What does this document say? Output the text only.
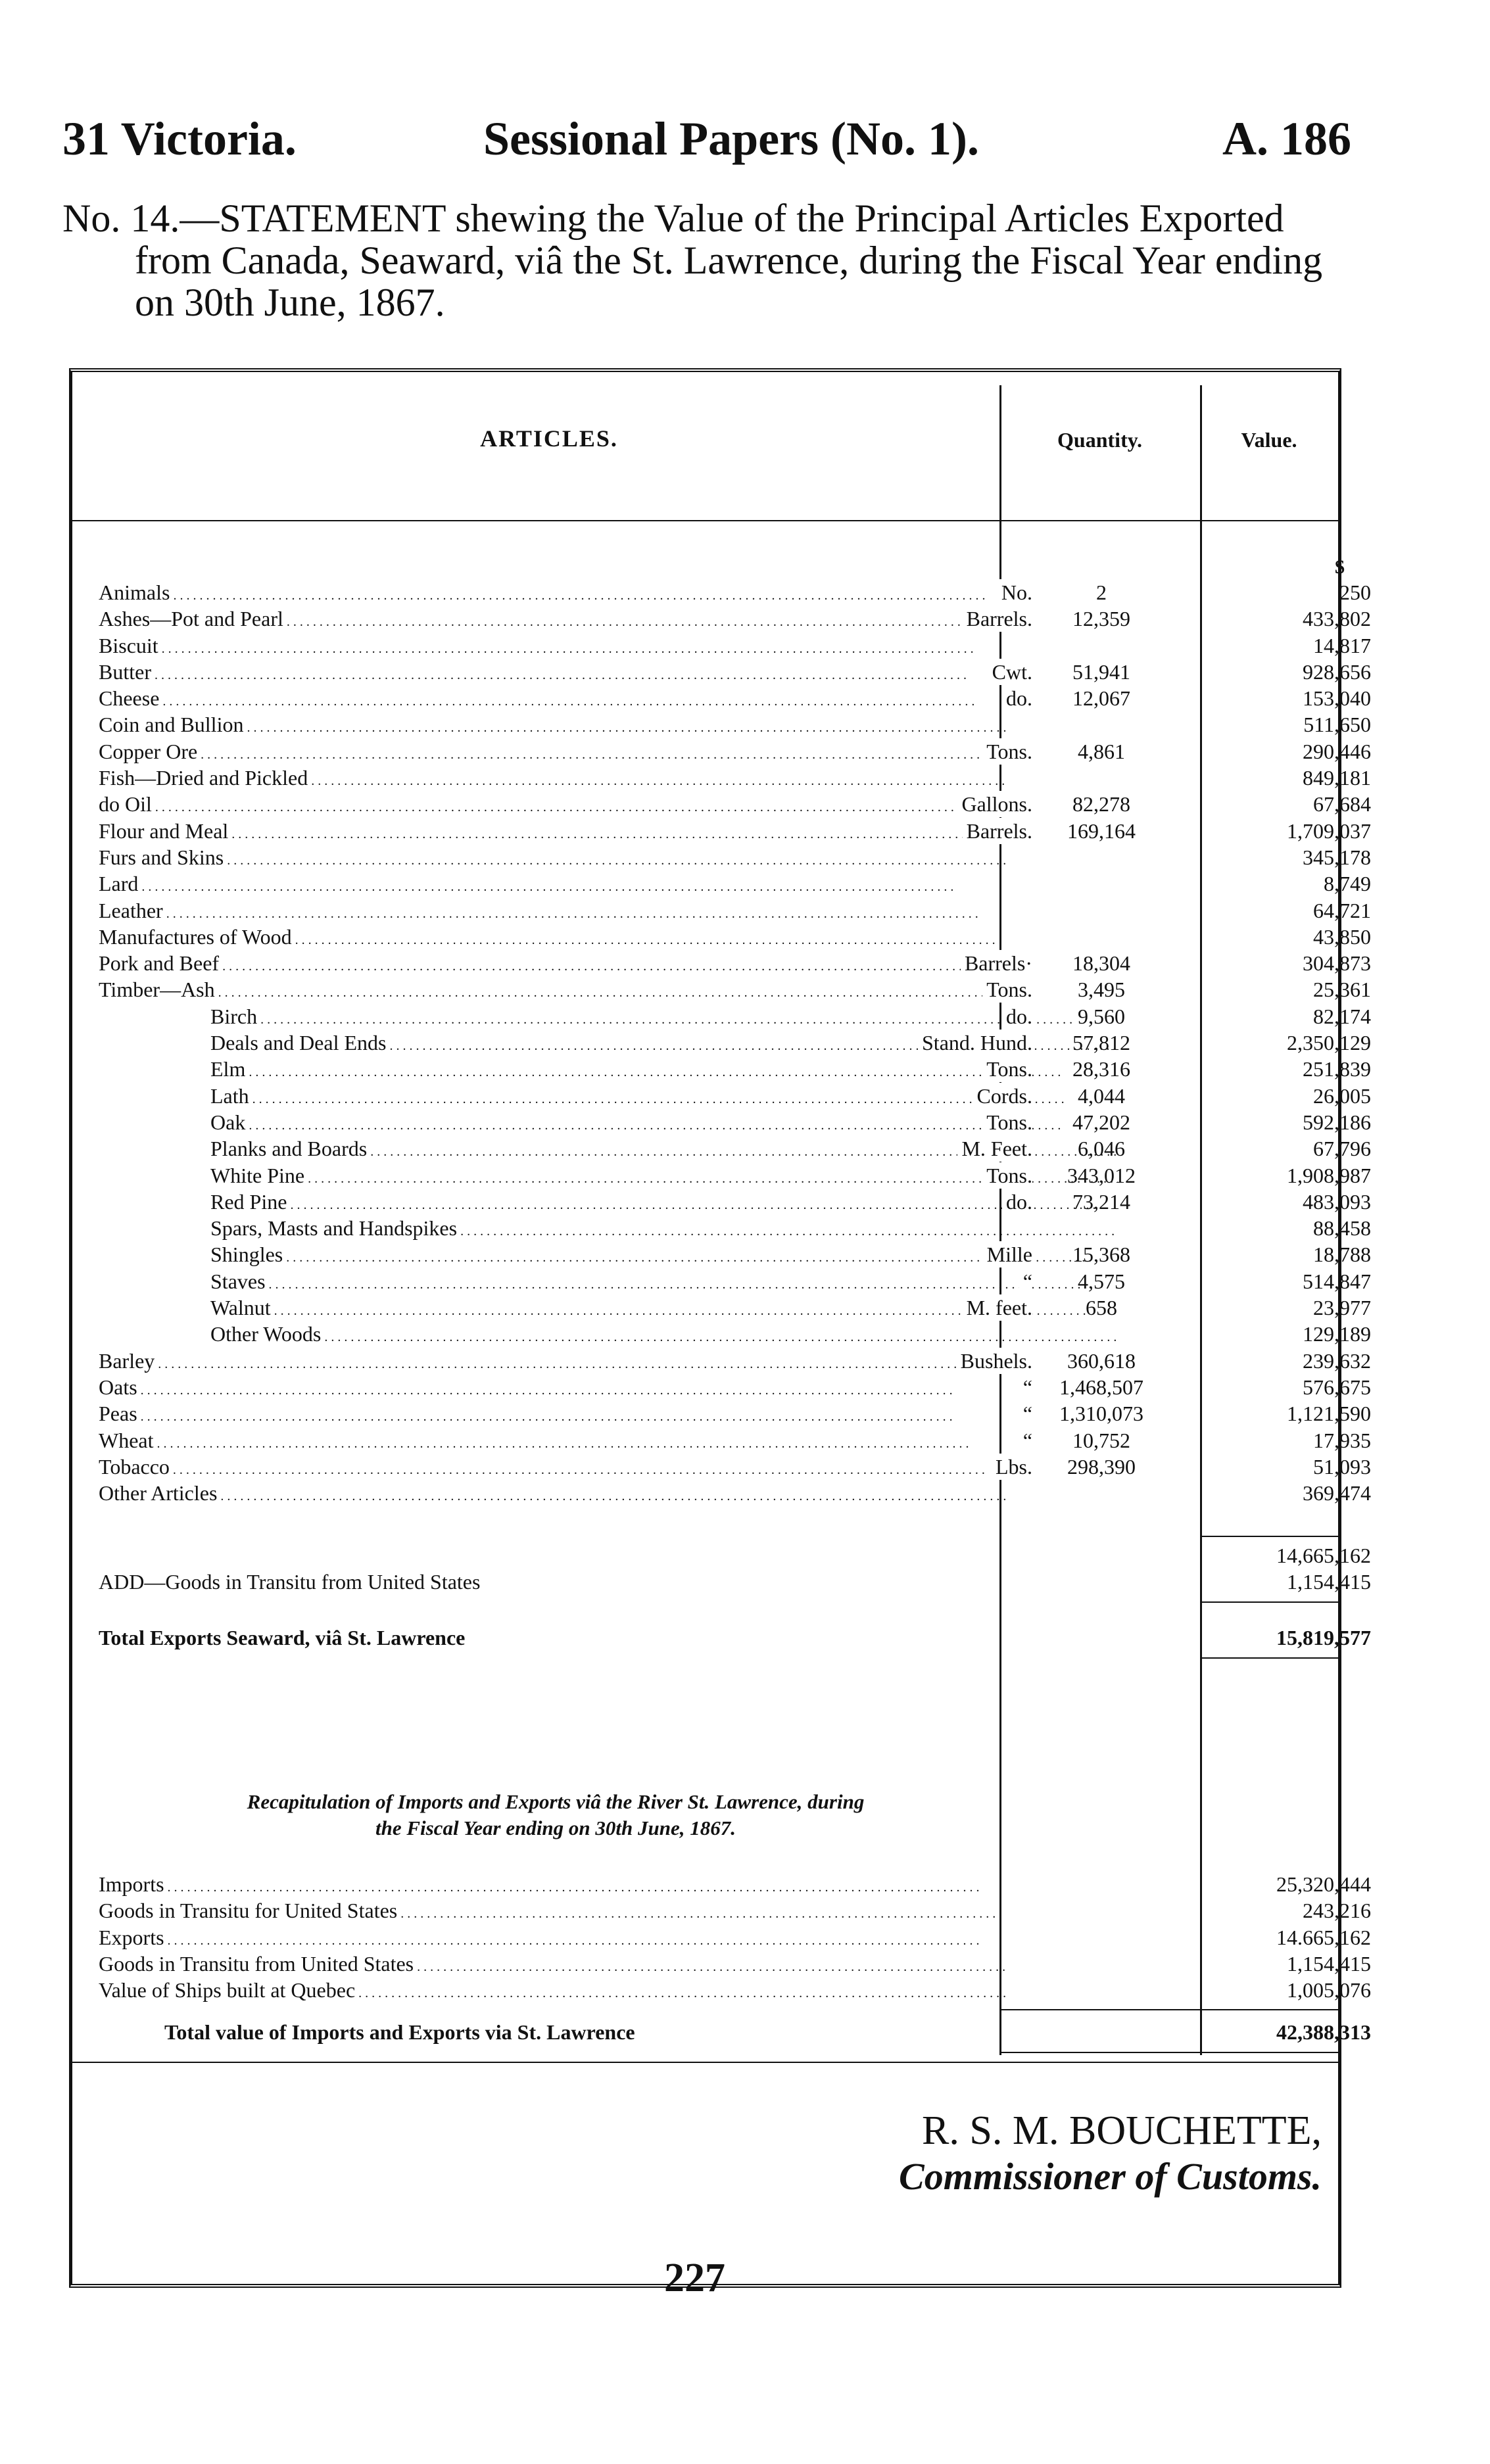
31 Victoria.	Sessional Papers (No. 1).	A. 186
No. 14.—STATEMENT shewing the Value of the Principal Articles Exported
from Canada, Seaward, viâ the St. Lawrence, during the Fiscal Year ending
on 30th June, 1867.
ARTICLES.	Quantity.	Value.
$
Animals . . .	No.	2	250
Ashes—Pot and Pearl . . .	Barrels.	12,359	433,802
Biscuit . . .	14,817
Butter . . .	Cwt.	51,941	928,656
Cheese . . .	do.	12,067	153,040
Coin and Bullion . . .	511,650
Copper Ore . . .	Tons.	4,861	290,446
Fish—Dried and Pickled . . .	849,181
do Oil . . .	Gallons.	82,278	67,684
Flour and Meal . . .	Barrels.	169,164	1,709,037
Furs and Skins . . .	345,178
Lard . . .	8,749
Leather . . .	64,721
Manufactures of Wood . . .	43,850
Pork and Beef . . .	Barrels·	18,304	304,873
Timber—Ash . . .	Tons.	3,495	25,361
Birch . . .	do.	9,560	82,174
Deals and Deal Ends . . .	Stand. Hund.	57,812	2,350,129
Elm . . .	Tons.	28,316	251,839
Lath . . .	Cords.	4,044	26,005
Oak . . .	Tons.	47,202	592,186
Planks and Boards . . .	M. Feet.	6,046	67,796
White Pine . . .	Tons.	343,012	1,908,987
Red Pine . . .	do.	73,214	483,093
Spars, Masts and Handspikes . . .	88,458
Shingles . . .	Mille	15,368	18,788
Staves . . .	“	4,575	514,847
Walnut . . .	M. feet.	658	23,977
Other Woods . . .	129,189
Barley . . .	Bushels.	360,618	239,632
Oats . . .	“	1,468,507	576,675
Peas . . .	“	1,310,073	1,121,590
Wheat . . .	“	10,752	17,935
Tobacco . . .	Lbs.	298,390	51,093
Other Articles . . .	369,474
14,665,162
ADD—Goods in Transitu from United States	1,154,415
Total Exports Seaward, viâ St. Lawrence	15,819,577
Recapitulation of Imports and Exports viâ the River St. Lawrence, during
the Fiscal Year ending on 30th June, 1867.
Imports . . .	25,320,444
Goods in Transitu for United States . . .	243,216
Exports . . .	14.665,162
Goods in Transitu from United States . . .	1,154,415
Value of Ships built at Quebec . . .	1,005,076
Total value of Imports and Exports via St. Lawrence	42,388,313
R. S. M. BOUCHETTE,
Commissioner of Customs.
227
